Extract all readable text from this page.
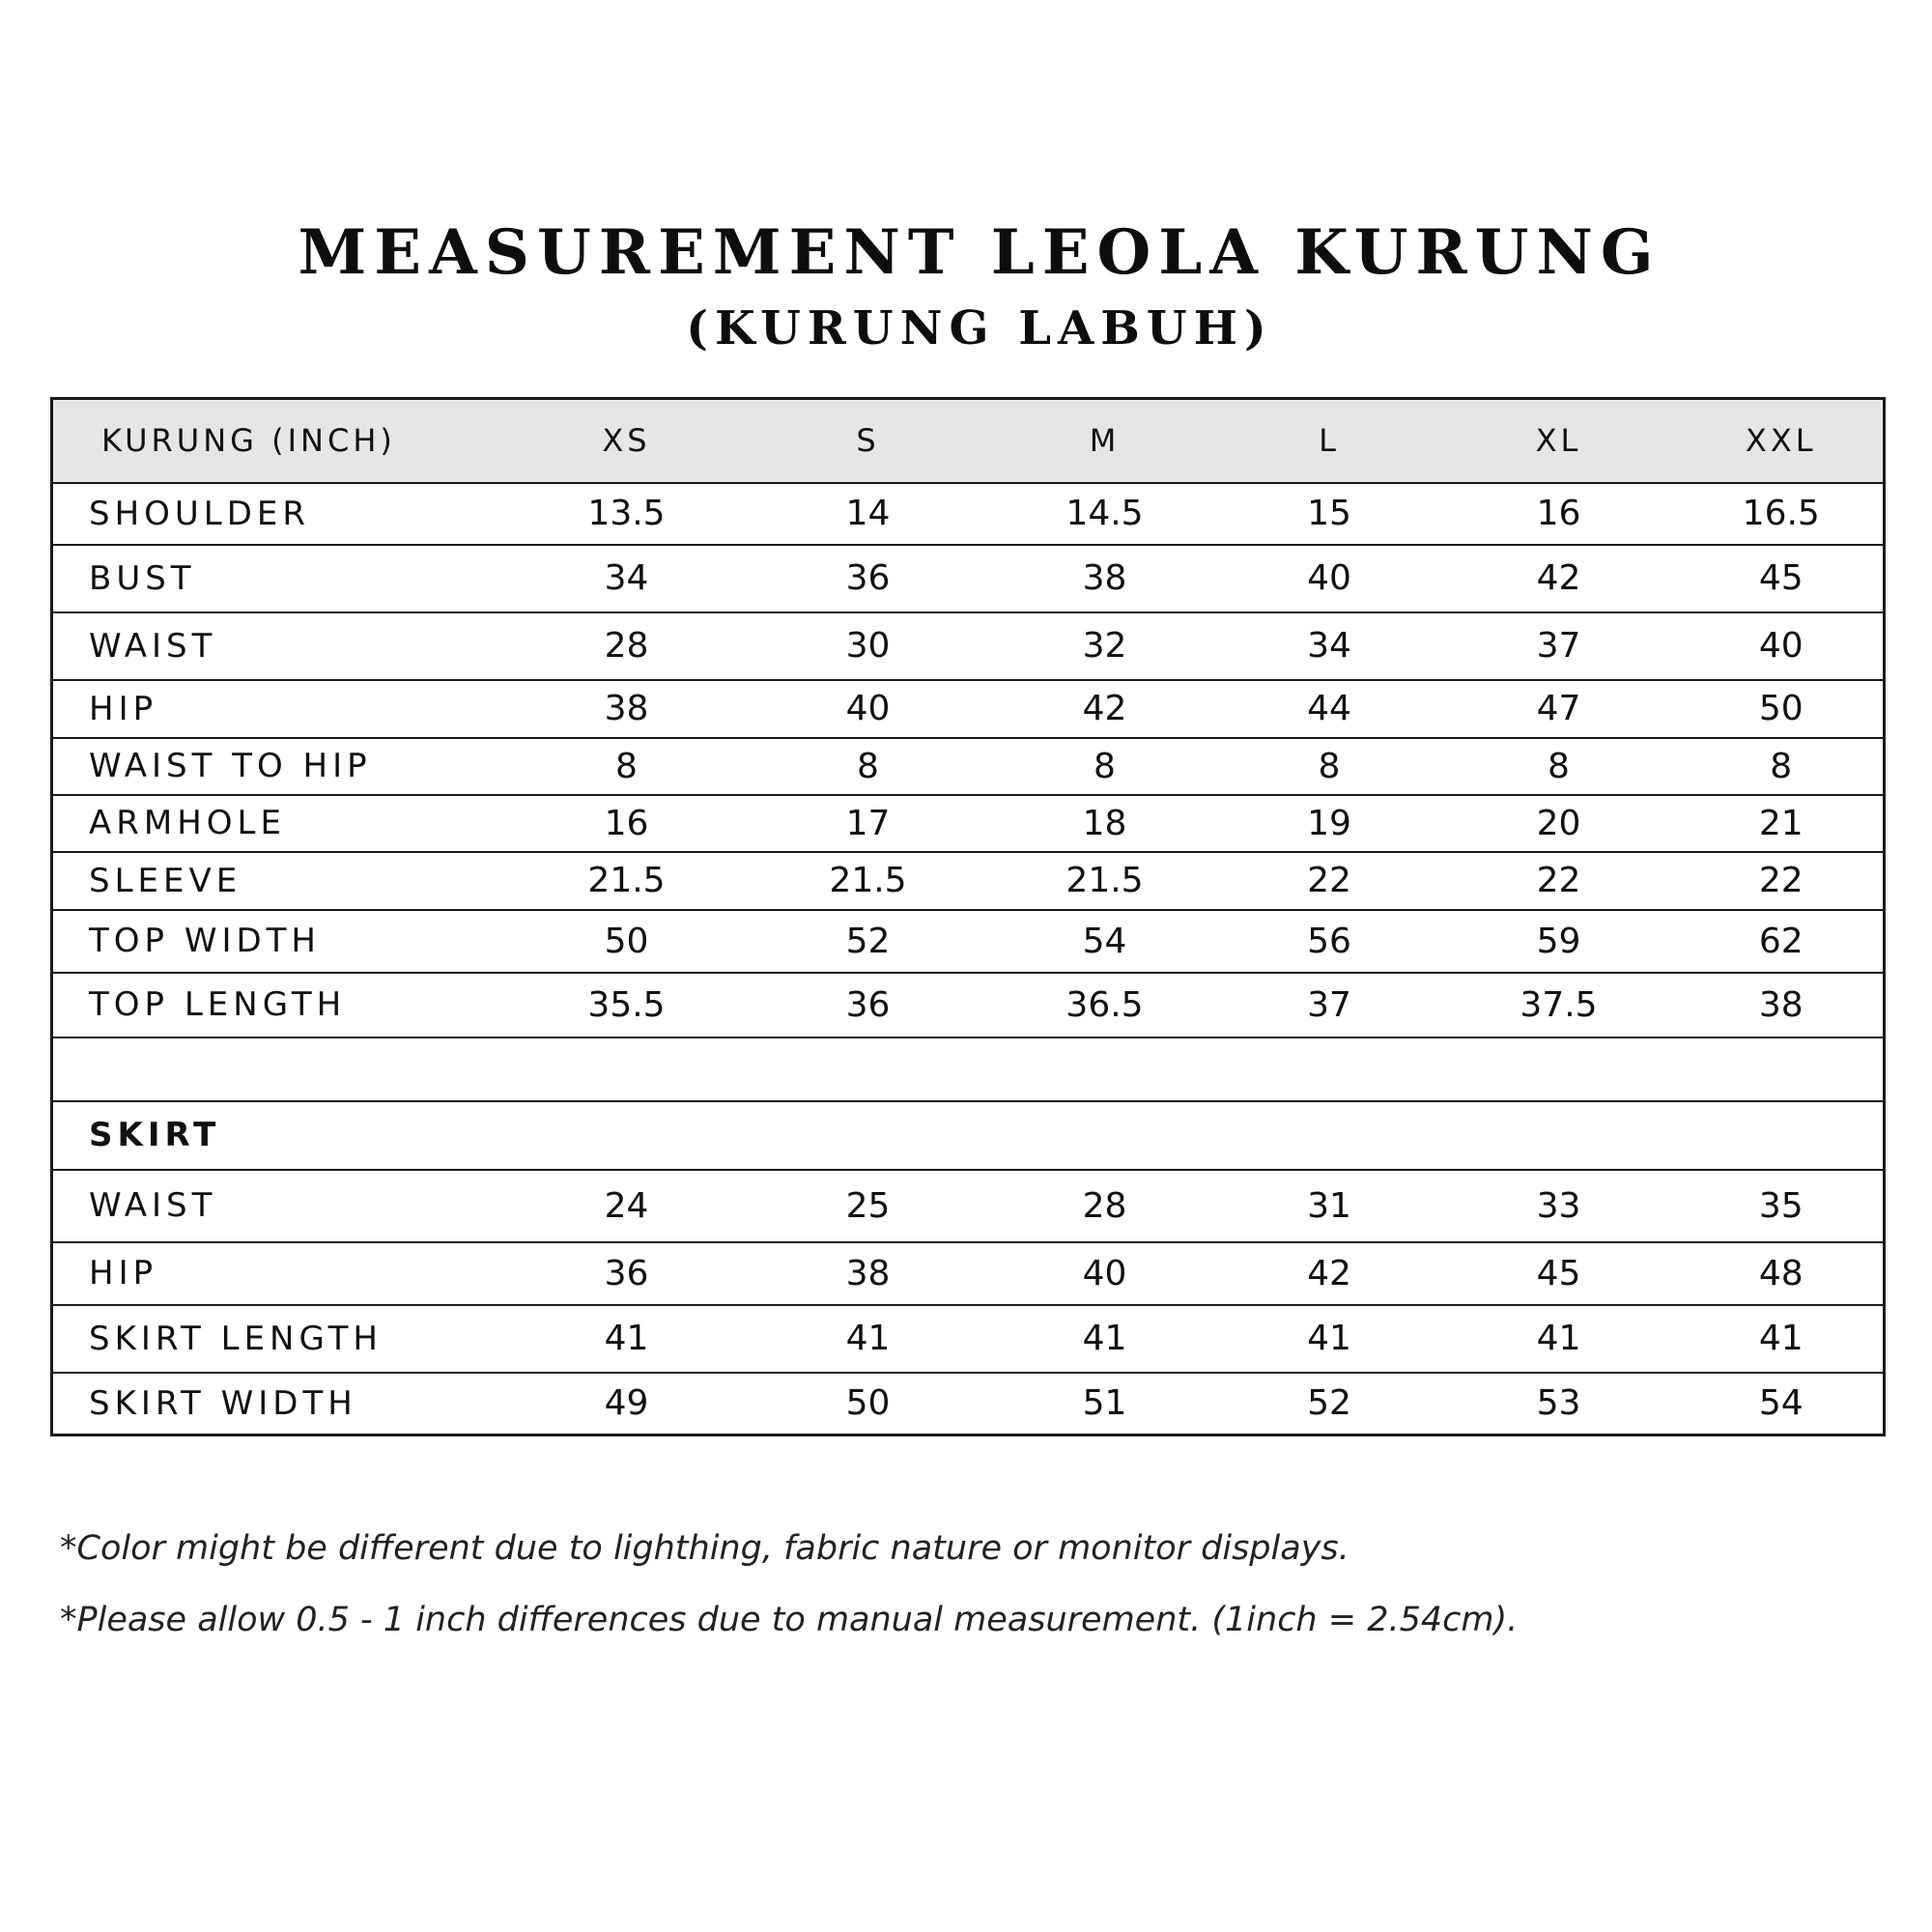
MEASUREMENT LEOLA KURUNG
(KURUNG LABUH)
KURUNG (INCH)	XS	S	M	L	XL	XXL
SHOULDER	13.5	14	14.5	15	16	16.5
BUST	34	36	38	40	42	45
WAIST	28	30	32	34	37	40
HIP	38	40	42	44	47	50
WAIST TO HIP	8	8	8	8	8	8
ARMHOLE	16	17	18	19	20	21
SLEEVE	21.5	21.5	21.5	22	22	22
TOP WIDTH	50	52	54	56	59	62
TOP LENGTH	35.5	36	36.5	37	37.5	38

SKIRT						
WAIST	24	25	28	31	33	35
HIP	36	38	40	42	45	48
SKIRT LENGTH	41	41	41	41	41	41
SKIRT WIDTH	49	50	51	52	53	54
*Color might be different due to lighthing, fabric nature or monitor displays.
*Please allow 0.5 - 1 inch differences due to manual measurement. (1inch = 2.54cm).
